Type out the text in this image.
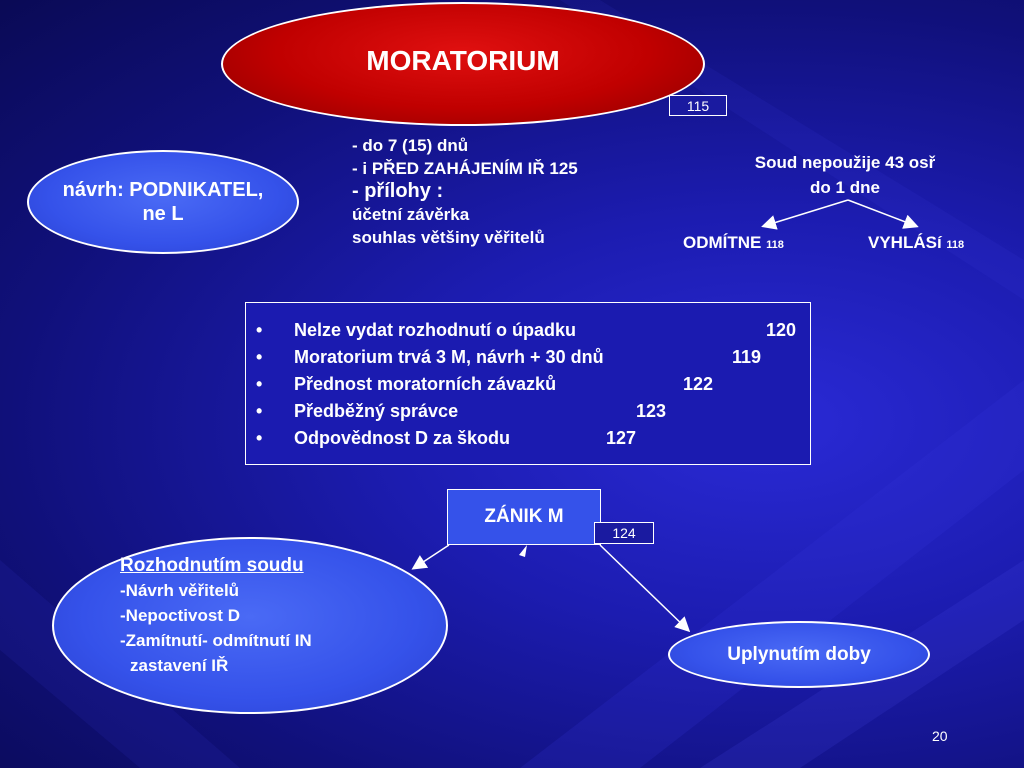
MORATORIUM
115
návrh: PODNIKATEL,
ne L
- do 7 (15) dnů
- i PŘED ZAHÁJENÍM IŘ 125
- přílohy :
účetní závěrka
souhlas většiny věřitelů
Soud nepoužije 43 osř
do 1 dne
ODMÍTNE 118	VYHLÁSí 118
• Nelze vydat rozhodnutí o úpadku	120
• Moratorium trvá 3 M, návrh + 30 dnů	119
• Přednost moratorních závazků	122
• Předběžný správce	123
• Odpovědnost D za škodu	127
ZÁNIK M
124
Rozhodnutím soudu
-Návrh věřitelů
-Nepoctivost D
-Zamítnutí- odmítnutí IN
zastavení IŘ
Uplynutím doby
20
